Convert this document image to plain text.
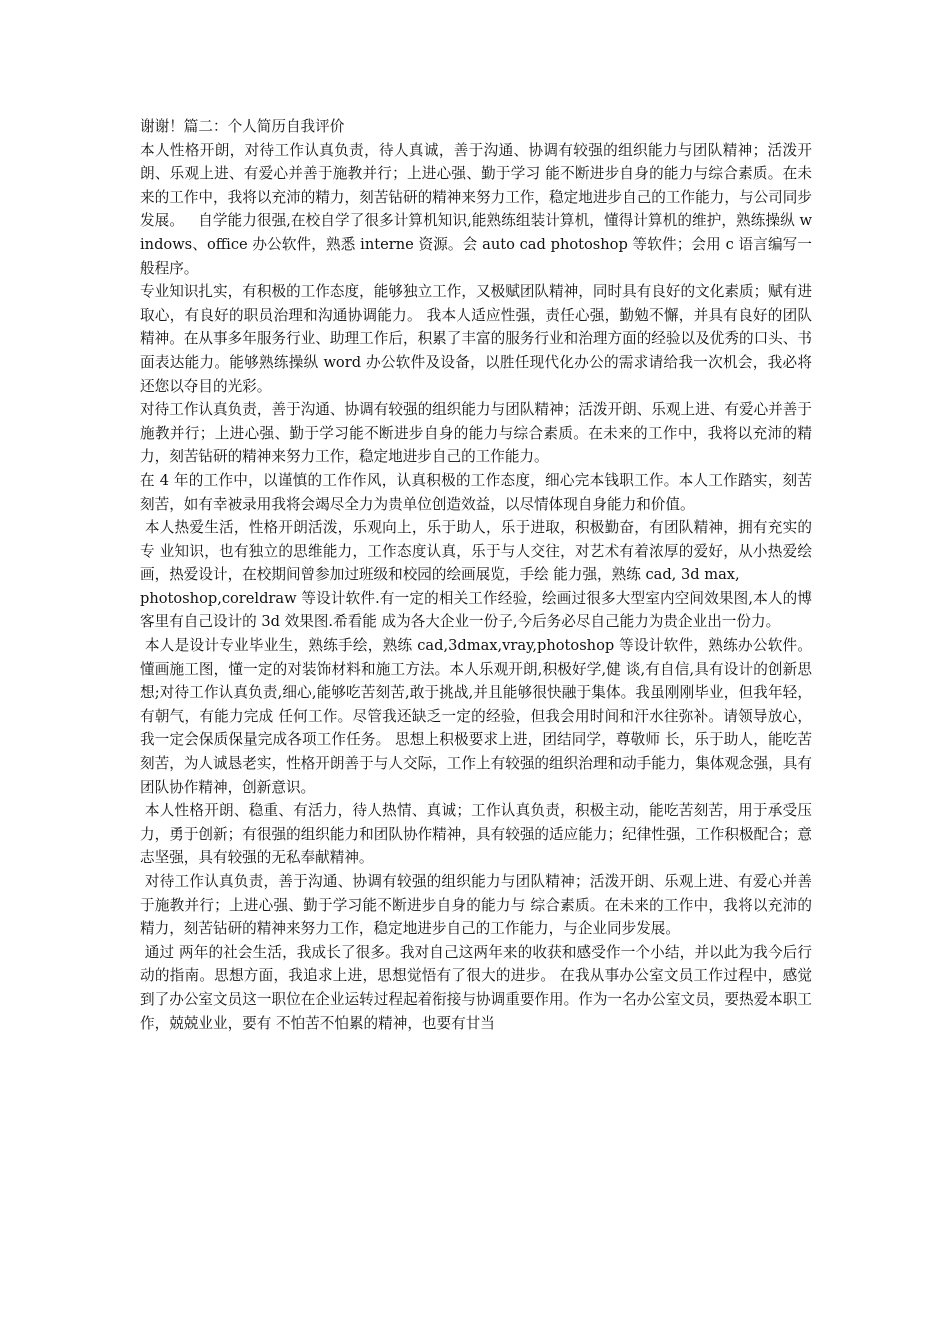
谢谢！篇二：个人简历自我评价

本人性格开朗，对待工作认真负责，待人真诚，善于沟通、协调有较强的组织能力与团队精神；活泼开朗、乐观上进、有爱心并善于施教并行；上进心强、勤于学习 能不断进步自身的能力与综合素质。在未来的工作中，我将以充沛的精力，刻苦钻研的精神来努力工作，稳定地进步自己的工作能力，与公司同步发展。   自学能力很强,在校自学了很多计算机知识,能熟练组装计算机，懂得计算机的维护，熟练操纵 windows、office 办公软件，熟悉 interne 资源。会 auto cad photoshop 等软件；会用 c 语言编写一般程序。

专业知识扎实，有积极的工作态度，能够独立工作，又极赋团队精神，同时具有良好的文化素质；赋有进取心，有良好的职员治理和沟通协调能力。 我本人适应性强，责任心强，勤勉不懈，并具有良好的团队精神。在从事多年服务行业、助理工作后，积累了丰富的服务行业和治理方面的经验以及优秀的口头、书 面表达能力。能够熟练操纵 word 办公软件及设备，以胜任现代化办公的需求请给我一次机会，我必将还您以夺目的光彩。

对待工作认真负责，善于沟通、协调有较强的组织能力与团队精神；活泼开朗、乐观上进、有爱心并善于施教并行；上进心强、勤于学习能不断进步自身的能力与综合素质。在未来的工作中，我将以充沛的精力，刻苦钻研的精神来努力工作，稳定地进步自己的工作能力。

在 4 年的工作中，以谨慎的工作作风，认真积极的工作态度，细心完本钱职工作。本人工作踏实，刻苦刻苦，如有幸被录用我将会竭尽全力为贵单位创造效益，以尽情体现自身能力和价值。

本人热爱生活，性格开朗活泼，乐观向上，乐于助人，乐于进取，积极勤奋，有团队精神，拥有充实的专 业知识，也有独立的思维能力，工作态度认真，乐于与人交往，对艺术有着浓厚的爱好，从小热爱绘画，热爱设计，在校期间曾参加过班级和校园的绘画展览，手绘 能力强，熟练 cad, 3d max,

photoshop,coreldraw 等设计软件.有一定的相关工作经验，绘画过很多大型室内空间效果图,本人的博客里有自己设计的 3d 效果图.希看能 成为各大企业一份子,今后务必尽自己能力为贵企业出一份力。

本人是设计专业毕业生，熟练手绘，熟练 cad,3dmax,vray,photoshop 等设计软件，熟练办公软件。懂画施工图，懂一定的对装饰材料和施工方法。本人乐观开朗,积极好学,健 谈,有自信,具有设计的创新思想;对待工作认真负责,细心,能够吃苦刻苦,敢于挑战,并且能够很快融于集体。我虽刚刚毕业，但我年轻，有朝气，有能力完成 任何工作。尽管我还缺乏一定的经验，但我会用时间和汗水往弥补。请领导放心，我一定会保质保量完成各项工作任务。 思想上积极要求上进，团结同学，尊敬师 长，乐于助人，能吃苦刻苦，为人诚恳老实，性格开朗善于与人交际，工作上有较强的组织治理和动手能力，集体观念强，具有团队协作精神，创新意识。

本人性格开朗、稳重、有活力，待人热情、真诚；工作认真负责，积极主动，能吃苦刻苦，用于承受压力，勇于创新；有很强的组织能力和团队协作精神，具有较强的适应能力；纪律性强，工作积极配合；意志坚强，具有较强的无私奉献精神。

对待工作认真负责，善于沟通、协调有较强的组织能力与团队精神；活泼开朗、乐观上进、有爱心并善于施教并行；上进心强、勤于学习能不断进步自身的能力与 综合素质。在未来的工作中，我将以充沛的精力，刻苦钻研的精神来努力工作，稳定地进步自己的工作能力，与企业同步发展。

通过 两年的社会生活，我成长了很多。我对自己这两年来的收获和感受作一个小结，并以此为我今后行动的指南。思想方面，我追求上进，思想觉悟有了很大的进步。 在我从事办公室文员工作过程中，感觉到了办公室文员这一职位在企业运转过程起着衔接与协调重要作用。作为一名办公室文员，要热爱本职工作，兢兢业业，要有 不怕苦不怕累的精神，也要有甘当
